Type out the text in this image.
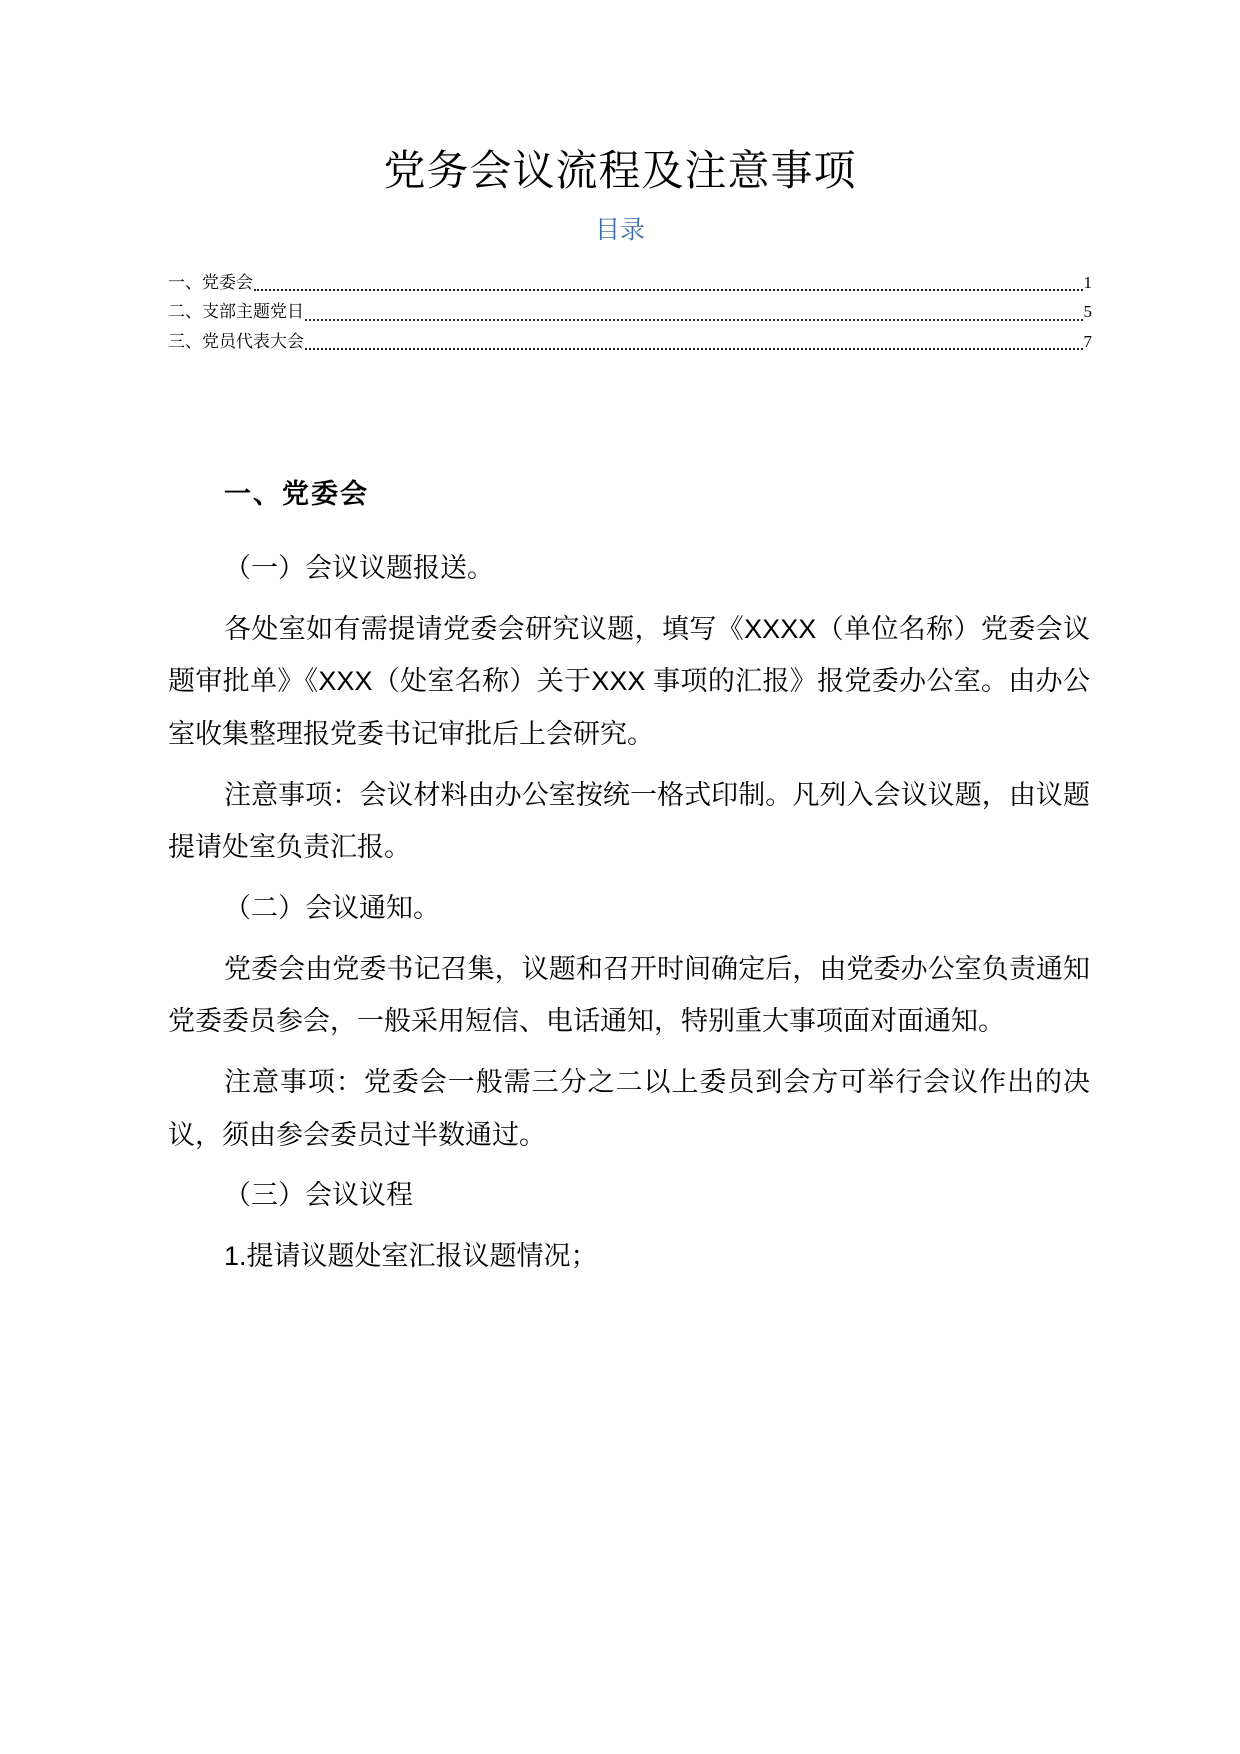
党务会议流程及注意事项
目录
一、党委会	1
二、支部主题党日	5
三、党员代表大会	7
一、党委会

（一）会议议题报送。

各处室如有需提请党委会研究议题，填写《XXXX（单位名称）党委会议题审批单》《XXX（处室名称）关于XXX 事项的汇报》报党委办公室。由办公室收集整理报党委书记审批后上会研究。

注意事项：会议材料由办公室按统一格式印制。凡列入会议议题，由议题提请处室负责汇报。

（二）会议通知。

党委会由党委书记召集，议题和召开时间确定后，由党委办公室负责通知党委委员参会，一般采用短信、电话通知，特别重大事项面对面通知。

注意事项：党委会一般需三分之二以上委员到会方可举行会议作出的决议，须由参会委员过半数通过。

（三）会议议程

1.提请议题处室汇报议题情况；
